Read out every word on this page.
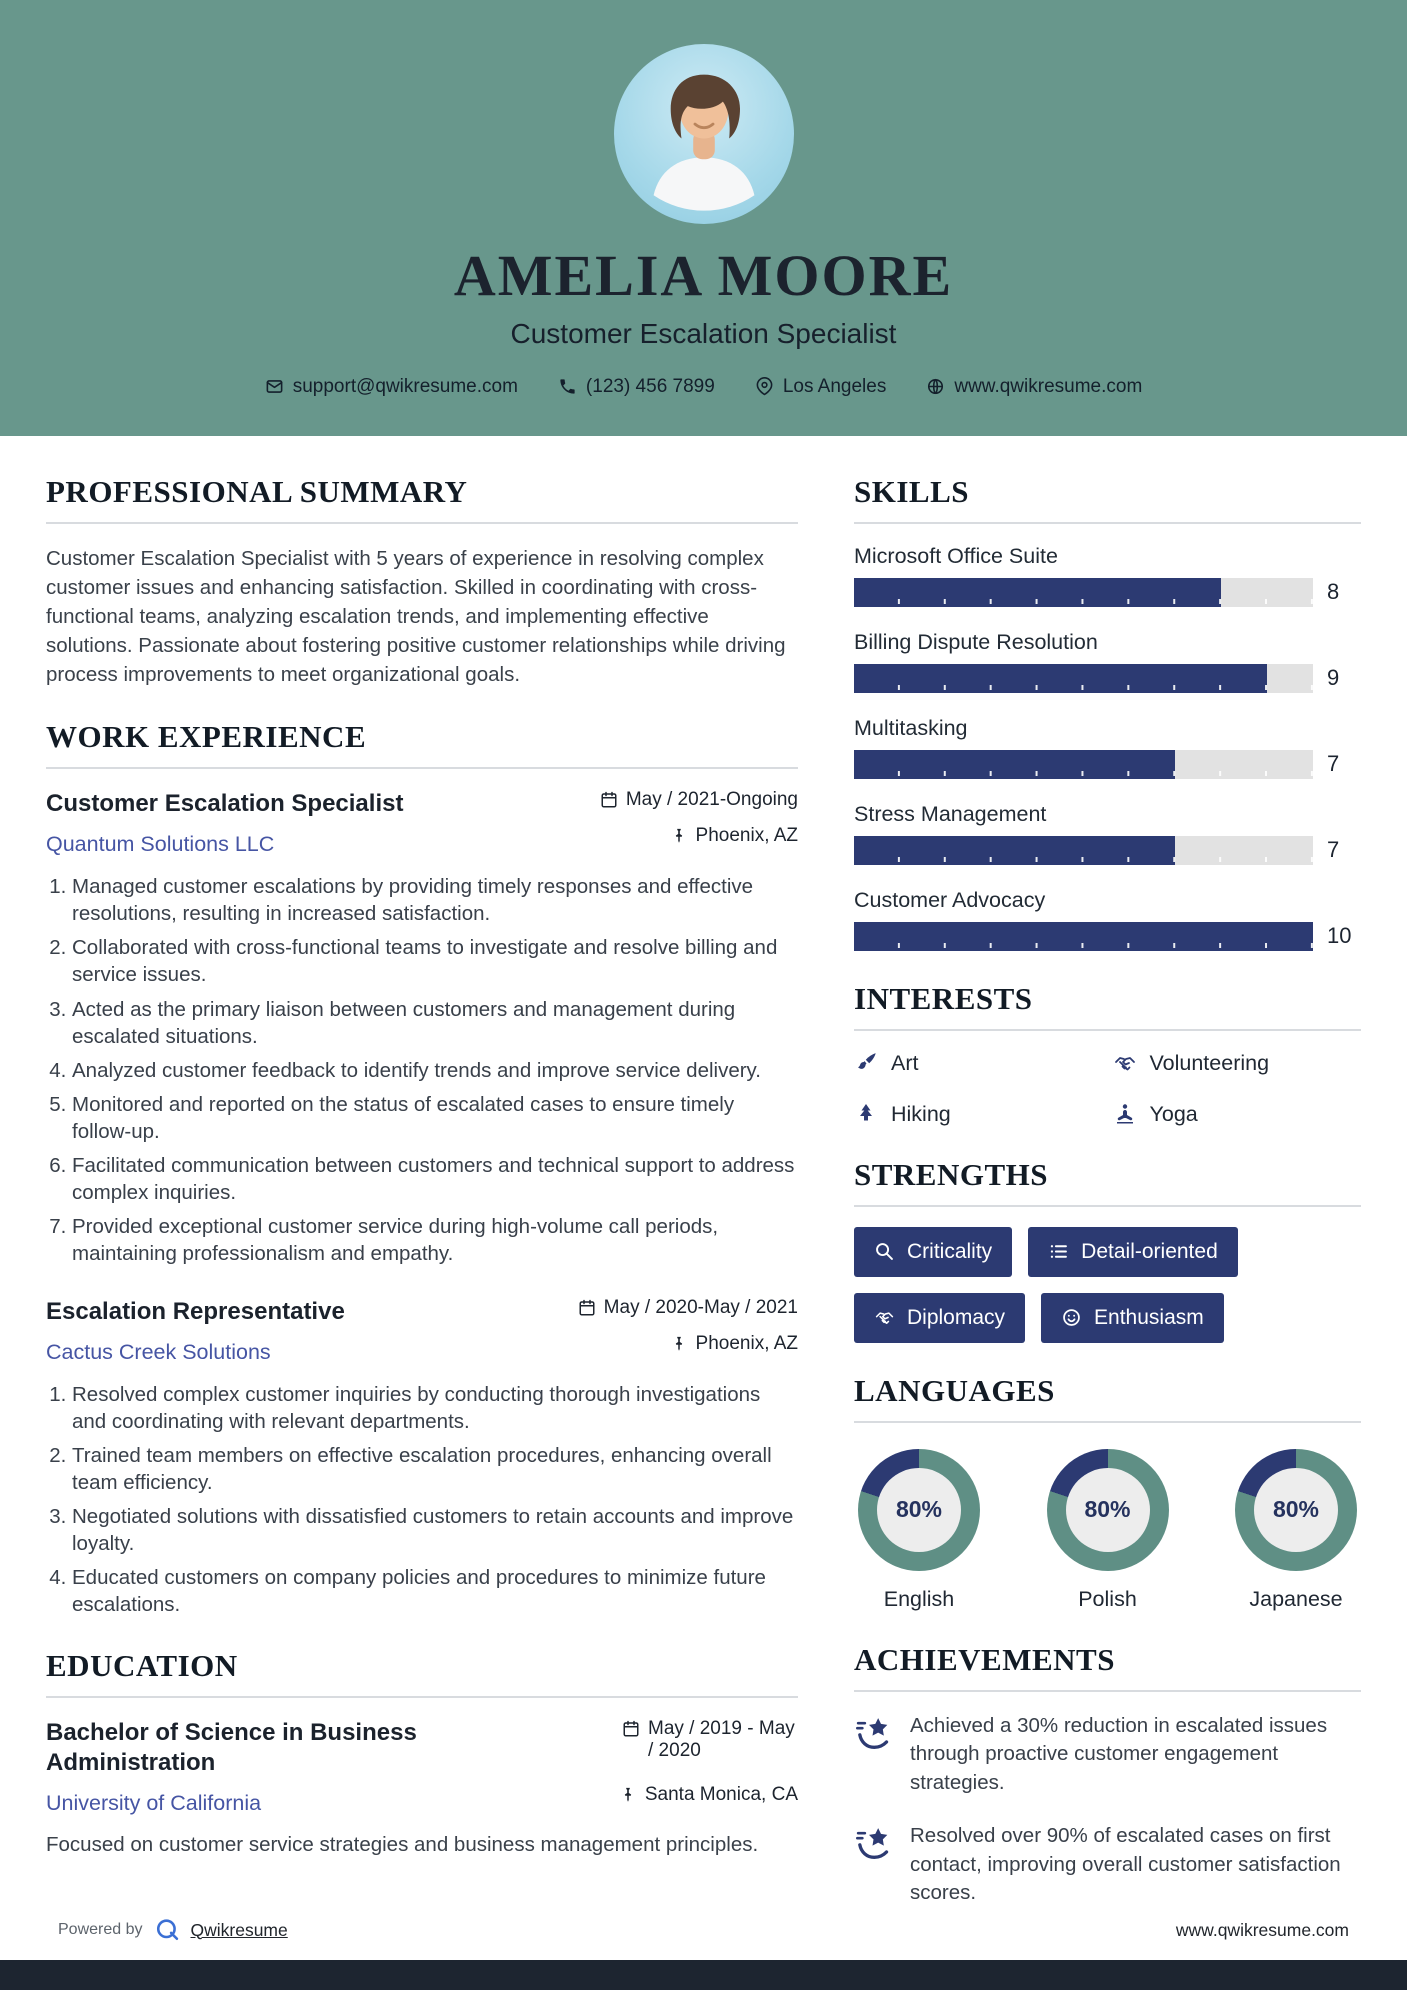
AMELIA MOORE
Customer Escalation Specialist
support@qwikresume.com	(123) 456 7899	Los Angeles	www.qwikresume.com
PROFESSIONAL SUMMARY

Customer Escalation Specialist with 5 years of experience in resolving complex customer issues and enhancing satisfaction. Skilled in coordinating with cross-functional teams, analyzing escalation trends, and implementing effective solutions. Passionate about fostering positive customer relationships while driving process improvements to meet organizational goals.

WORK EXPERIENCE
Customer Escalation Specialist	May / 2021-Ongoing
Quantum Solutions LLC	Phoenix, AZ
1. Managed customer escalations by providing timely responses and effective resolutions, resulting in increased satisfaction.
2. Collaborated with cross-functional teams to investigate and resolve billing and service issues.
3. Acted as the primary liaison between customers and management during escalated situations.
4. Analyzed customer feedback to identify trends and improve service delivery.
5. Monitored and reported on the status of escalated cases to ensure timely follow-up.
6. Facilitated communication between customers and technical support to address complex inquiries.
7. Provided exceptional customer service during high-volume call periods, maintaining professionalism and empathy.
Escalation Representative	May / 2020-May / 2021
Cactus Creek Solutions	Phoenix, AZ
1. Resolved complex customer inquiries by conducting thorough investigations and coordinating with relevant departments.
2. Trained team members on effective escalation procedures, enhancing overall team efficiency.
3. Negotiated solutions with dissatisfied customers to retain accounts and improve loyalty.
4. Educated customers on company policies and procedures to minimize future escalations.
EDUCATION
Bachelor of Science in Business Administration
May / 2019 - May / 2020
University of California	Santa Monica, CA

Focused on customer service strategies and business management principles.

SKILLS
Microsoft Office Suite
8
Billing Dispute Resolution
9
Multitasking
7
Stress Management
7
Customer Advocacy
10
INTERESTS
Art	Volunteering
Hiking	Yoga
STRENGTHS
Criticality	Detail-oriented
Diplomacy	Enthusiasm
LANGUAGES
80%
English
80%
Polish
80%
Japanese
ACHIEVEMENTS

Achieved a 30% reduction in escalated issues through proactive customer engagement strategies.

Resolved over 90% of escalated cases on first contact, improving overall customer satisfaction scores.

Powered by	Qwikresume	www.qwikresume.com
